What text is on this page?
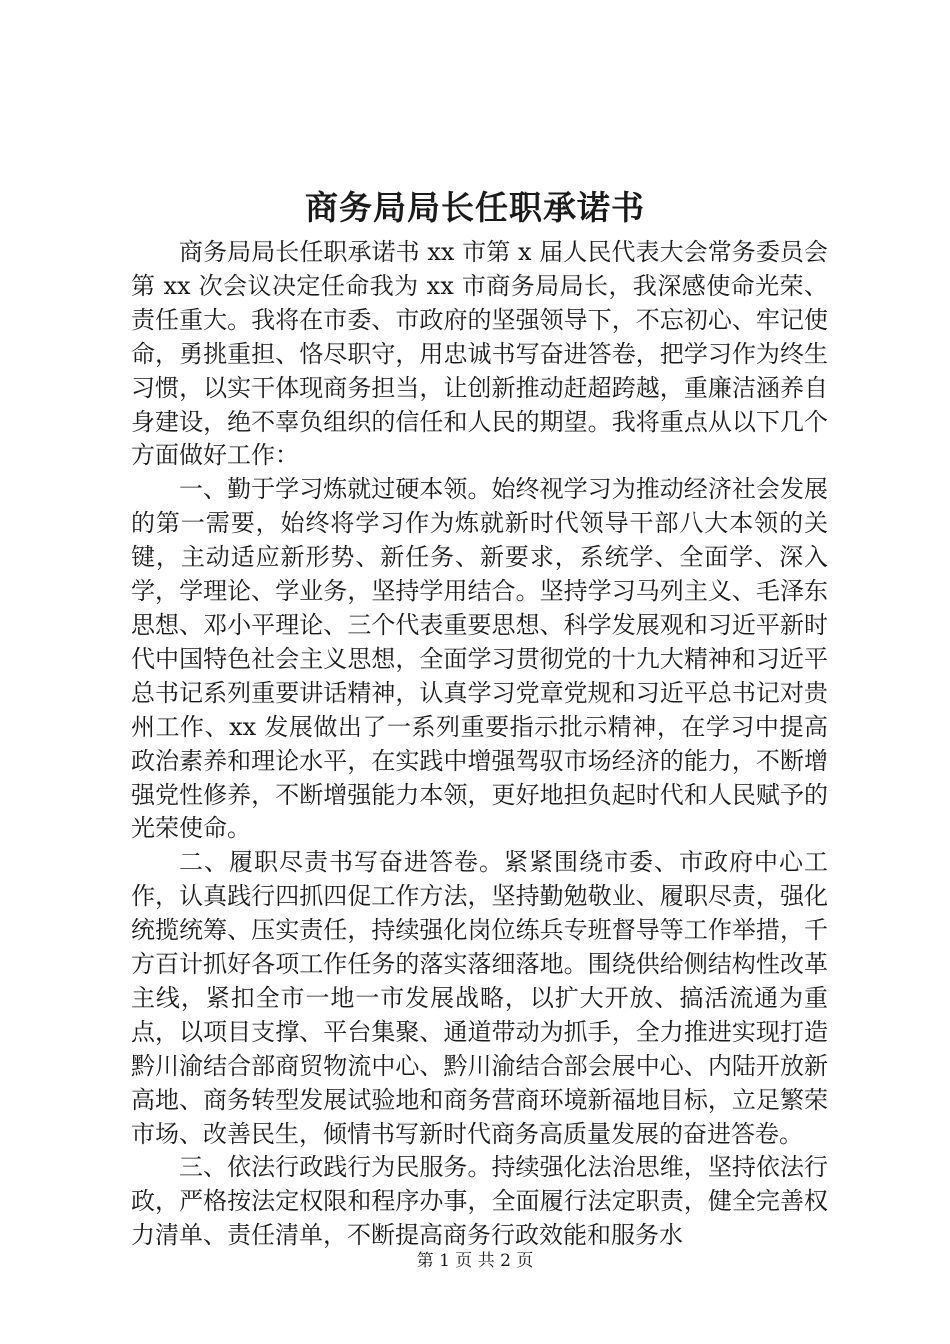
商务局局长任职承诺书

商务局局长任职承诺书 xx 市第 x 届人民代表大会常务委员会第 xx 次会议决定任命我为 xx 市商务局局长，我深感使命光荣、责任重大。我将在市委、市政府的坚强领导下，不忘初心、牢记使命，勇挑重担、恪尽职守，用忠诚书写奋进答卷，把学习作为终生习惯，以实干体现商务担当，让创新推动赶超跨越，重廉洁涵养自身建设，绝不辜负组织的信任和人民的期望。我将重点从以下几个方面做好工作：

一、勤于学习炼就过硬本领。始终视学习为推动经济社会发展的第一需要，始终将学习作为炼就新时代领导干部八大本领的关键，主动适应新形势、新任务、新要求，系统学、全面学、深入学，学理论、学业务，坚持学用结合。坚持学习马列主义、毛泽东思想、邓小平理论、三个代表重要思想、科学发展观和习近平新时代中国特色社会主义思想，全面学习贯彻党的十九大精神和习近平总书记系列重要讲话精神，认真学习党章党规和习近平总书记对贵州工作、xx 发展做出了一系列重要指示批示精神，在学习中提高政治素养和理论水平，在实践中增强驾驭市场经济的能力，不断增强党性修养，不断增强能力本领，更好地担负起时代和人民赋予的光荣使命。

二、履职尽责书写奋进答卷。紧紧围绕市委、市政府中心工作，认真践行四抓四促工作方法，坚持勤勉敬业、履职尽责，强化统揽统筹、压实责任，持续强化岗位练兵专班督导等工作举措，千方百计抓好各项工作任务的落实落细落地。围绕供给侧结构性改革主线，紧扣全市一地一市发展战略，以扩大开放、搞活流通为重点，以项目支撑、平台集聚、通道带动为抓手，全力推进实现打造黔川渝结合部商贸物流中心、黔川渝结合部会展中心、内陆开放新高地、商务转型发展试验地和商务营商环境新福地目标，立足繁荣市场、改善民生，倾情书写新时代商务高质量发展的奋进答卷。

三、依法行政践行为民服务。持续强化法治思维，坚持依法行政，严格按法定权限和程序办事，全面履行法定职责，健全完善权力清单、责任清单，不断提高商务行政效能和服务水

第 1 页 共 2 页
